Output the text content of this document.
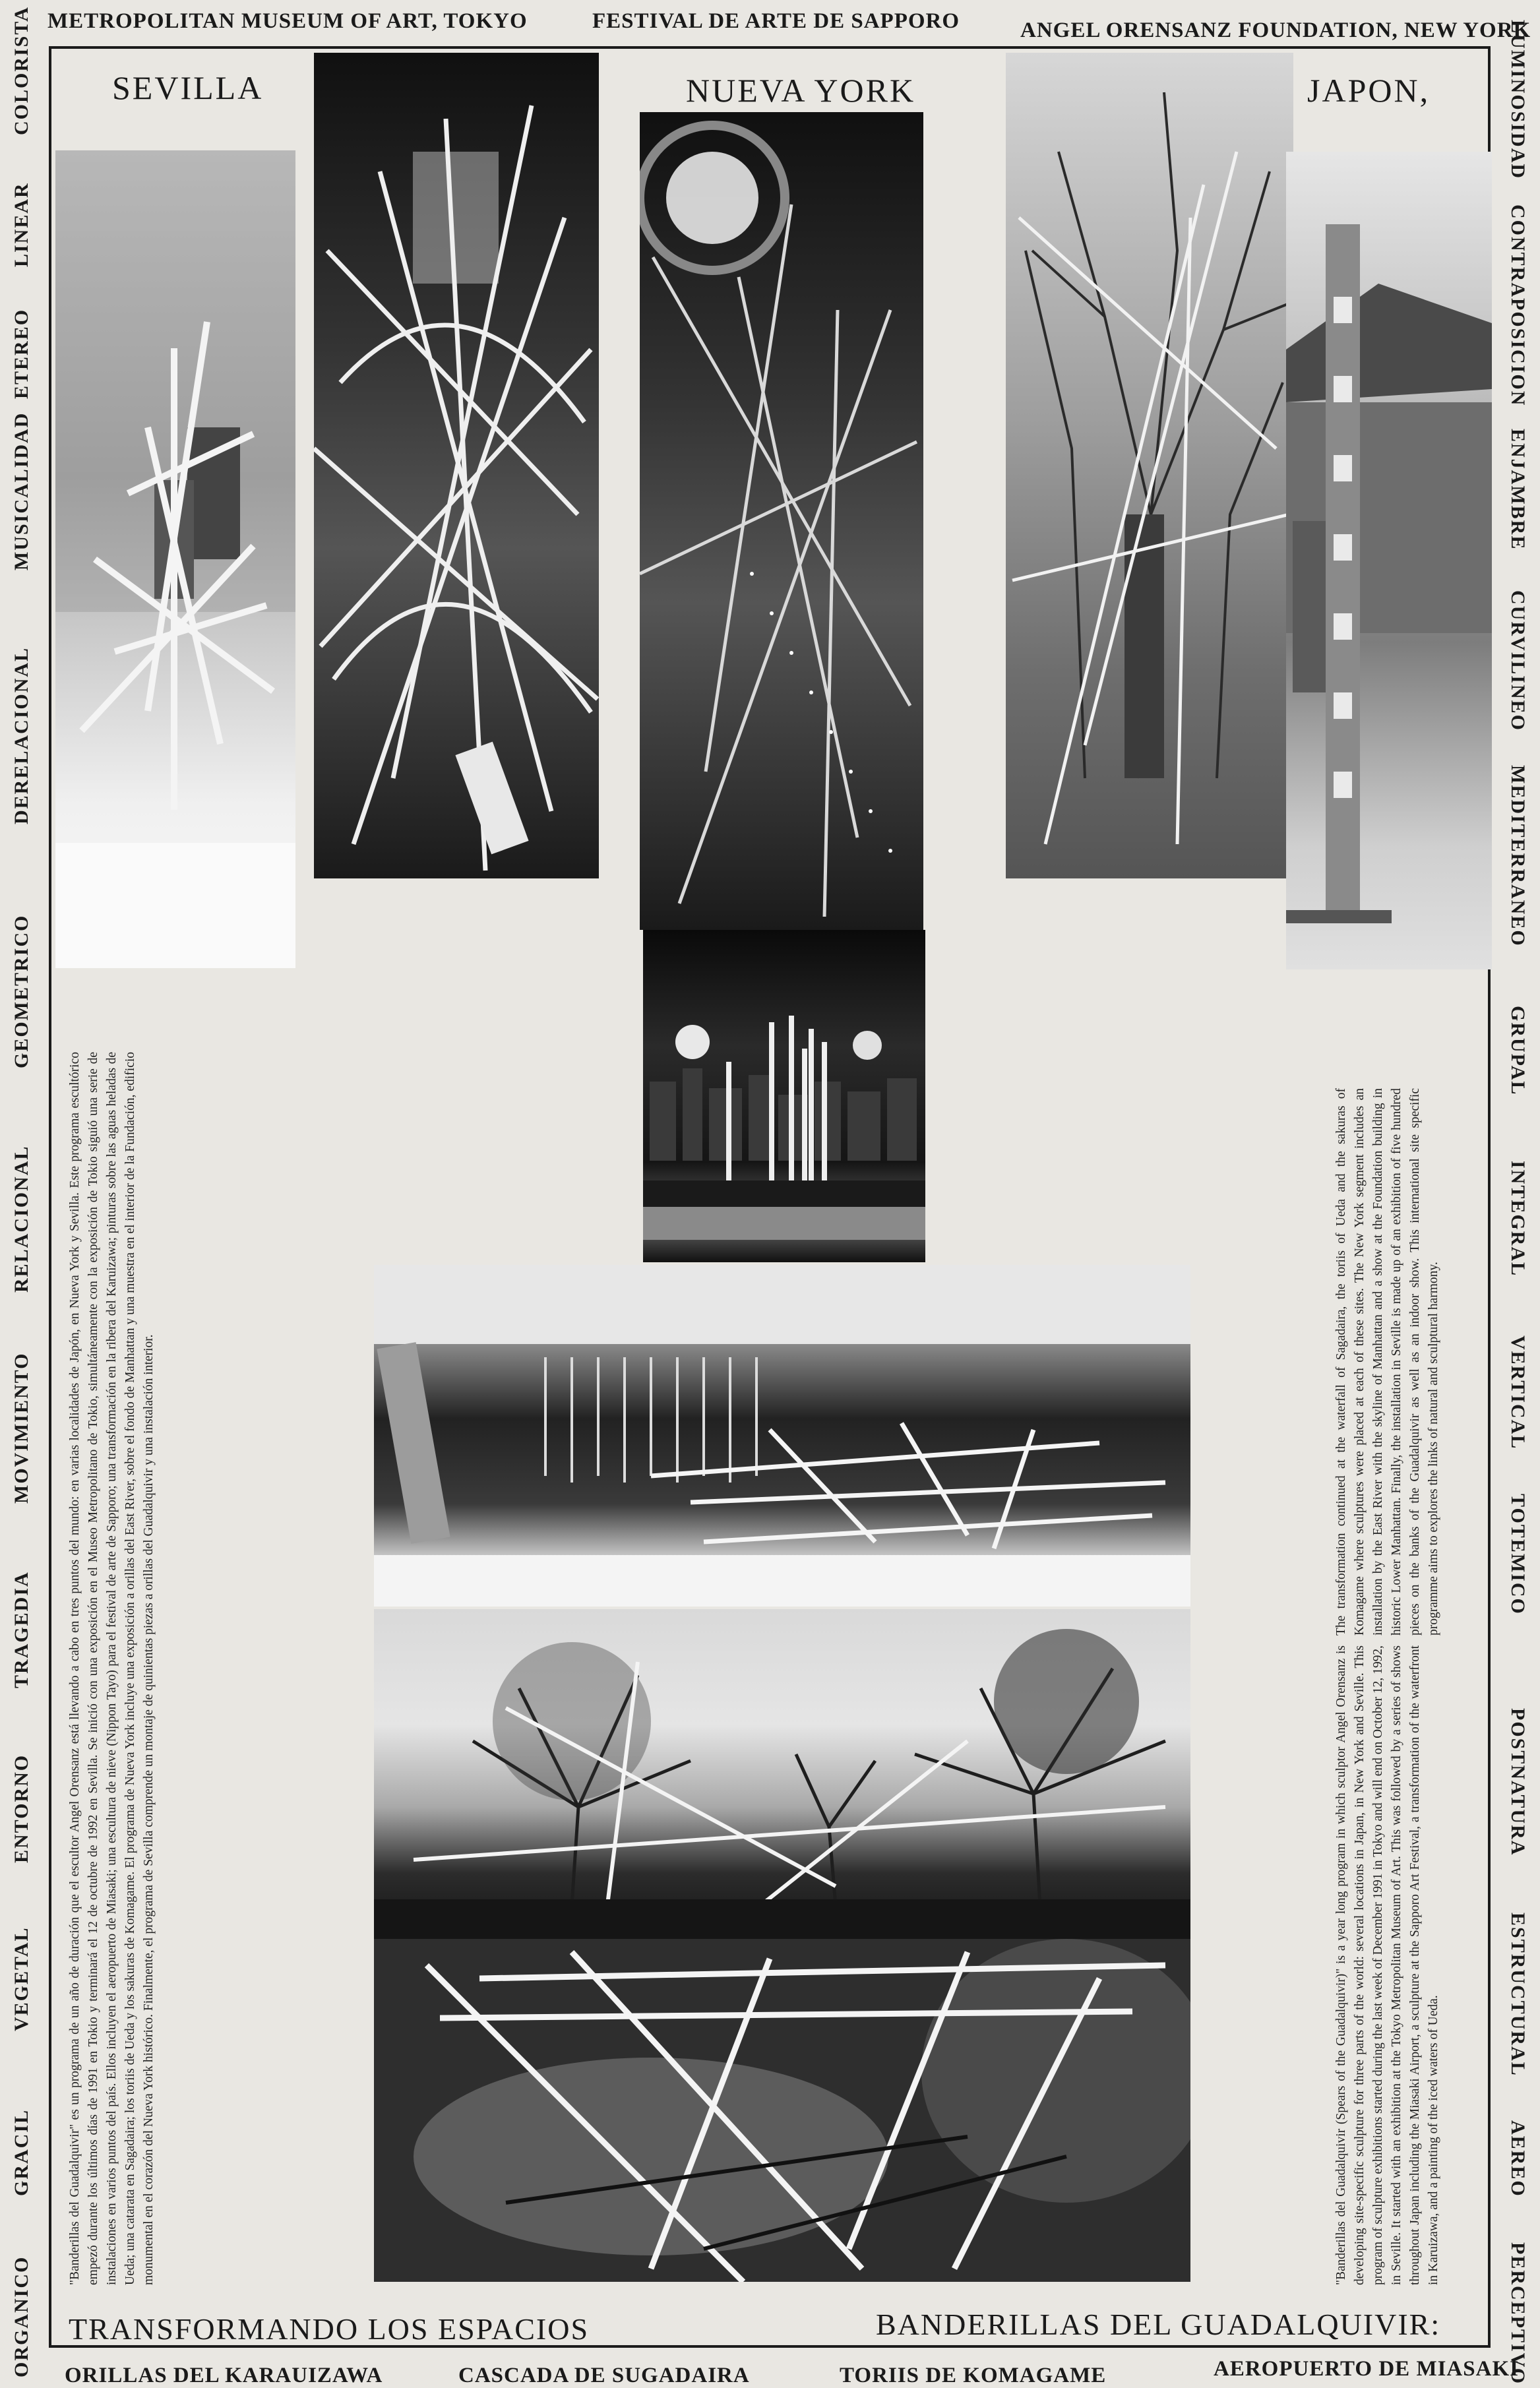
METROPOLITAN MUSEUM OF ART, TOKYO	FESTIVAL DE ARTE DE SAPPORO	ANGEL ORENSANZ FOUNDATION, NEW YORK
COLORISTA
LINEAR
ETEREO
MUSICALIDAD
DERELACIONAL
GEOMETRICO
RELACIONAL
MOVIMIENTO
TRAGEDIA
ENTORNO
VEGETAL
GRACIL
ORGANICO
LUMINOSIDAD
CONTRAPOSICION
ENJAMBRE
CURVILINEO
MEDITERRANEO
GRUPAL
INTEGRAL
VERTICAL
TOTEMICO
POSTNATURA
ESTRUCTURAL
AEREO
PERCEPTIVO
SEVILLA	NUEVA YORK	JAPON,
"Banderillas del Guadalquivir" es un programa de un año de duración que el escultor Angel Orensanz está llevando a cabo en tres puntos del mundo: en varias localidades de Japón, en Nueva York y Sevilla. Este programa escultórico empezó durante los últimos días de 1991 en Tokio y terminará el 12 de octubre de 1992 en Sevilla. Se inició con una exposición en el Museo Metropolitano de Tokio, simultáneamente con la exposición de Tokio siguió una serie de instalaciones en varios puntos del país. Ellos incluyen el aeropuerto de Miasaki; una escultura de nieve (Nippon Tayo) para el festival de arte de Sapporo; una transformación en la ribera del Karuizawa; pinturas sobre las aguas heladas de Ueda; una catarata en Sagadaira; los toriis de Ueda y los sakuras de Komagame. El programa de Nueva York incluye una exposición a orillas del East River, sobre el fondo de Manhattan y una muestra en el interior de la Fundación, edificio monumental en el corazón del Nueva York histórico. Finalmente, el programa de Sevilla comprende un montaje de quinientas piezas a orillas del Guadalquivir y una instalación interior.	The transformation continued at the waterfall of Sagadaira, the toriis of Ueda and the sakuras of Komagame where sculptures were placed at each of these sites. The New York segment includes an installation by the East River with the skyline of Manhattan and a show at the Foundation building in historic Lower Manhattan. Finally, the installation in Seville is made up of an exhibition of five hundred pieces on the banks of the Guadalquivir as well as an indoor show. This international site specific programme aims to explores the links of natural and sculptural harmony.
"Banderillas del Guadalquivir (Spears of the Guadalquivir)" is a year long program in which sculptor Angel Orensanz is developing site-specific sculpture for three parts of the world: several locations in Japan, in New York and Seville. This program of sculpture exhibitions started during the last week of December 1991 in Tokyo and will end on October 12, 1992, in Seville. It started with an exhibition at the Tokyo Metropolitan Museum of Art. This was followed by a series of shows throughout Japan including the Miasaki Airport, a sculpture at the Sapporo Art Festival, a transformation of the waterfront in Karuizawa, and a painting of the iced waters of Ueda.
TRANSFORMANDO LOS ESPACIOS	BANDERILLAS DEL GUADALQUIVIR:
ORILLAS DEL KARAUIZAWA	CASCADA DE SUGADAIRA	TORIIS DE KOMAGAME	AEROPUERTO DE MIASAKI
